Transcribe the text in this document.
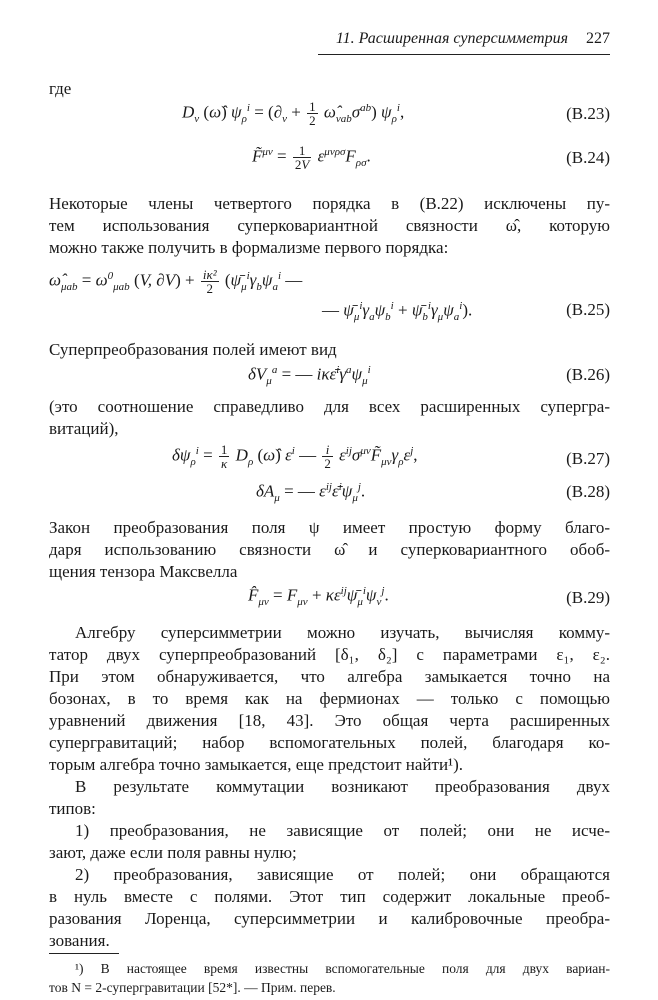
11. Расширенная суперсимметрия 227
где
$D_\nu$ (ω̂) $\psi_\rho^i = (\partial_\nu + \frac{1}{2}$ $\omegâ_{\nu ab}\sigma^{ab}$) $\psi_\rho^i$,	(В.23)
F̃$^{\mu\nu}$ = $\frac{1}{2V} \varepsilon^{\mu\nu\rho\sigma}F_{\rho\sigma}$.	(В.24)
Некоторые члены четвертого порядка в (В.22) исключены пу-
тем использования суперковариантной связности ω̂, которую
можно также получить в формализме первого порядка:
$\omegâ_{\mu ab} = \omega^0_{\mu ab}$ (V, $\partial V) + \frac{\text{iκ²}}{2}$ ($\psī_\mu^i\gamma_b\psi_a^i$ —
— $\psī_\mu^i\gamma_a\psi_b^i$ + $\psī_b^i\gamma_\mu\psi_a^i$).	(В.25)
Суперпреобразования полей имеют вид
$\delta V_\mu^a$ = — $i\kappa\varepsilon̄^i\gamma^a\psi_\mu^i$	(В.26)
(это соотношение справедливо для всех расширенных супергра-
витаций),
$\delta\psi_\rho^i = \frac{1}{\kappa} D_\rho$ (ω̂) $\varepsilon^i$ — $\frac{i}{2}$ $\varepsilon^{ij}\sigma^{\mu\nu}F̃_{\mu\nu}\gamma_\rho\varepsilon^j$,	(В.27)
$\delta A_\mu$ = — $\varepsilon^{ij}\varepsilon̄^i\psi_\mu^j$.	(В.28)
Закон преобразования поля ψ имеет простую форму благо-
даря использованию связности ω̂ и суперковариантного обоб-
щения тензора Максвелла
$F̂_{\mu\nu} = F_{\mu\nu}$ + $\kappa\varepsilon^{ij}\psī_\mu^i\psi_\nu^j$.	(В.29)
Алгебру суперсимметрии можно изучать, вычисляя комму-
татор двух суперпреобразований [δ₁, δ₂] с параметрами ε₁, ε₂.
При этом обнаруживается, что алгебра замыкается точно на
бозонах, в то время как на фермионах — только с помощью
уравнений движения [18, 43]. Это общая черта расширенных
супергравитаций; набор вспомогательных полей, благодаря ко-
торым алгебра точно замыкается, еще предстоит найти¹).
В результате коммутации возникают преобразования двух
типов:
1) преобразования, не зависящие от полей; они не исче-
зают, даже если поля равны нулю;
2) преобразования, зависящие от полей; они обращаются
в нуль вместе с полями. Этот тип содержит локальные преоб-
разования Лоренца, суперсимметрии и калибровочные преобра-
зования.
¹) В настоящее время известны вспомогательные поля для двух вариан-
тов N = 2-супергравитации [52*]. — Прим. перев.
